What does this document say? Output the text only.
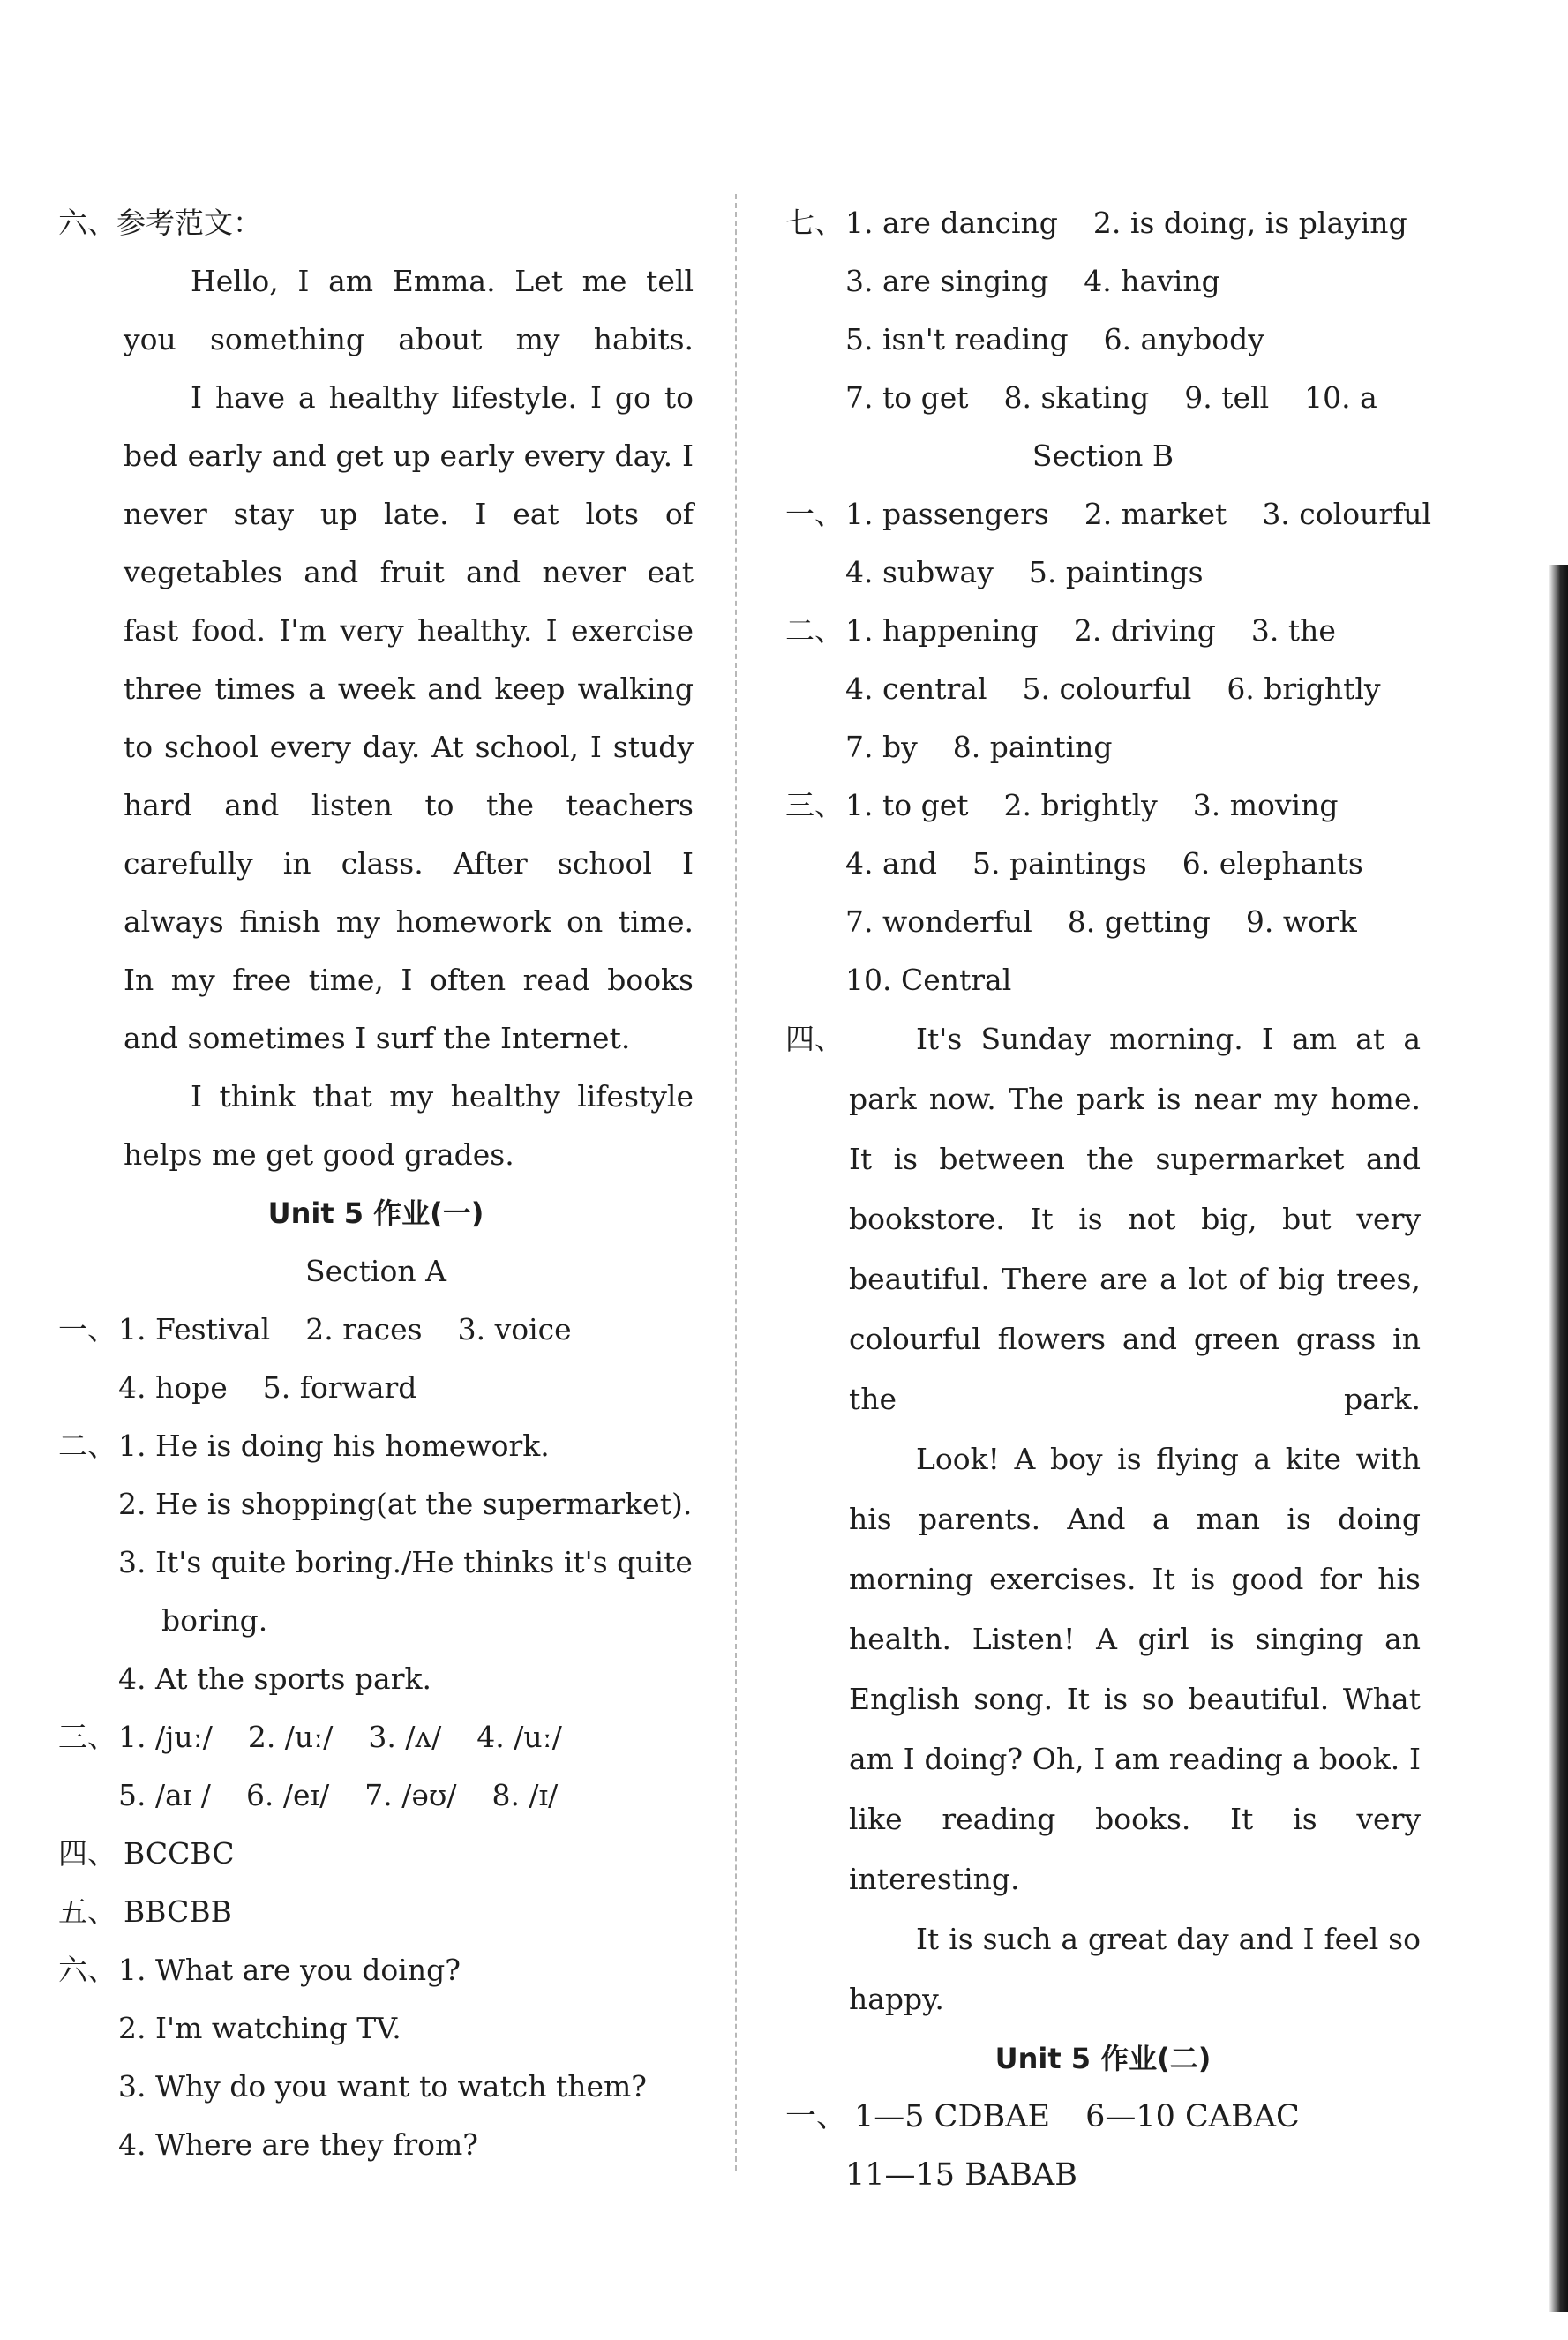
六、参考范文：

Hello, I am Emma. Let me tell you something about my habits.

I have a healthy lifestyle. I go to bed early and get up early every day. I never stay up late. I eat lots of vegetables and fruit and never eat fast food. I'm very healthy. I exercise three times a week and keep walking to school every day. At school, I study hard and listen to the teachers carefully in class. After school I always finish my homework on time. In my free time, I often read books and sometimes I surf the Internet.

I think that my healthy lifestyle helps me get good grades.

Unit 5 作业(一)
Section A
一、 1. Festival 2. races 3. voice
4. hope 5. forward
二、 1. He is doing his homework.
2. He is shopping(at the supermarket).
3. It's quite boring./He thinks it's quite
boring.
4. At the sports park.
三、 1. /juː/ 2. /uː/ 3. /ʌ/ 4. /uː/
5. /aɪ / 6. /eɪ/ 7. /əʊ/ 8. /ɪ/
四、 BCCBC
五、 BBCBB
六、 1. What are you doing?
2. I'm watching TV.
3. Why do you want to watch them?
4. Where are they from?
七、 1. are dancing 2. is doing, is playing
3. are singing 4. having
5. isn't reading 6. anybody
7. to get 8. skating 9. tell 10. a
Section B
一、 1. passengers 2. market 3. colourful
4. subway 5. paintings
二、 1. happening 2. driving 3. the
4. central 5. colourful 6. brightly
7. by 8. painting
三、 1. to get 2. brightly 3. moving
4. and 5. paintings 6. elephants
7. wonderful 8. getting 9. work
10. Central
四、	It's Sunday morning. I am at a park now. The park is near my home. It is between the supermarket and bookstore. It is not big, but very beautiful. There are a lot of big trees, colourful flowers and green grass in the park.

Look! A boy is flying a kite with his parents. And a man is doing morning exercises. It is good for his health. Listen! A girl is singing an English song. It is so beautiful. What am I doing? Oh, I am reading a book. I like reading books. It is very interesting.

It is such a great day and I feel so happy.

Unit 5 作业(二)
一、 1—5 CDBAE 6—10 CABAC
11—15 BABAB
